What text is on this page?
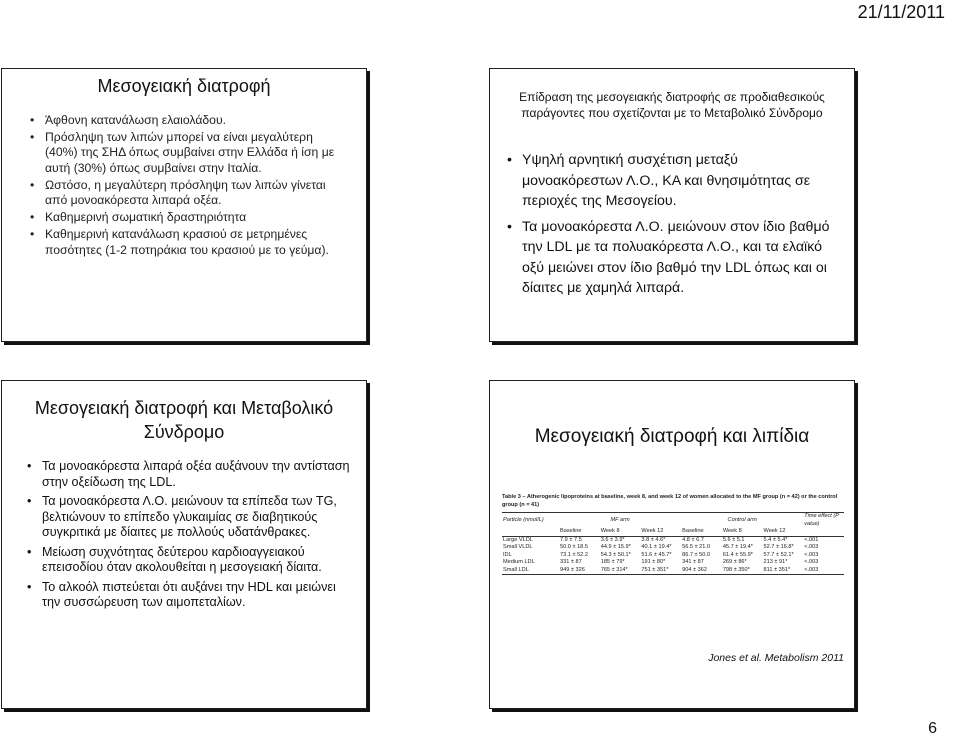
21/11/2011
Μεσογειακή διατροφή
• Άφθονη κατανάλωση ελαιολάδου.
• Πρόσληψη των λιπών μπορεί να είναι μεγαλύτερη (40%) της ΣΗΔ όπως συμβαίνει στην Ελλάδα ή ίση με αυτή (30%) όπως συμβαίνει στην Ιταλία.
• Ωστόσο, η μεγαλύτερη πρόσληψη των λιπών γίνεται από μονοακόρεστα λιπαρά οξέα.
• Καθημερινή σωματική δραστηριότητα
• Καθημερινή κατανάλωση κρασιού σε μετρημένες ποσότητες (1-2 ποτηράκια του κρασιού με το γεύμα).
Επίδραση της μεσογειακής διατροφής σε προδιαθεσικούς παράγοντες που σχετίζονται με το Μεταβολικό Σύνδρομο
• Υψηλή αρνητική συσχέτιση μεταξύ μονοακόρεστων Λ.Ο., ΚΑ και θνησιμότητας σε περιοχές της Μεσογείου.
• Τα μονοακόρεστα Λ.Ο. μειώνουν στον ίδιο βαθμό την LDL με τα πολυακόρεστα Λ.Ο., και τα ελαϊκό οξύ μειώνει στον ίδιο βαθμό την LDL όπως και οι δίαιτες με χαμηλά λιπαρά.
Μεσογειακή διατροφή και Μεταβολικό Σύνδρομο
• Τα μονοακόρεστα λιπαρά οξέα αυξάνουν την αντίσταση στην οξείδωση της LDL.
• Τα μονοακόρεστα Λ.Ο. μειώνουν τα επίπεδα των TG, βελτιώνουν το επίπεδο γλυκαιμίας σε διαβητικούς συγκριτικά με δίαιτες με πολλούς υδατάνθρακες.
• Μείωση συχνότητας δεύτερου καρδιοαγγειακού επεισοδίου όταν ακολουθείται η μεσογειακή δίαιτα.
• Το αλκοόλ πιστεύεται ότι αυξάνει την HDL και μειώνει την συσσώρευση των αιμοπεταλίων.
Μεσογειακή διατροφή και λιπίδια
Table 3 – Atherogenic lipoproteins at baseline, week 8, and week 12 of women allocated to the MF group (n = 42) or the control group (n = 41)
Particle (nmol/L)	MF arm			Control arm			Time effect (P value)
	Baseline	Week 8	Week 12	Baseline	Week 8	Week 12	
Large VLDL	7.9 ± 7.5	3.6 ± 3.9*	3.8 ± 4.6*	4.8 ± 6.7	5.6 ± 5.1	5.4 ± 5.4*	<.001
Small VLDL	50.0 ± 18.5	44.9 ± 15.9*	40.1 ± 19.4*	56.5 ± 21.0	45.7 ± 19.4*	52.7 ± 16.8*	<.003
IDL	73.1 ± 52.2	54.3 ± 50.1*	51.6 ± 45.7*	86.7 ± 50.0	61.4 ± 55.9*	57.7 ± 52.1*	<.003
Medium LDL	331 ± 87	185 ± 79*	191 ± 80*	341 ± 87	269 ± 86*	213 ± 91*	<.003
Small LDL	949 ± 326	765 ± 314*	751 ± 351*	904 ± 362	798 ± 350*	811 ± 351*	<.003
Jones et al. Metabolism 2011
6
